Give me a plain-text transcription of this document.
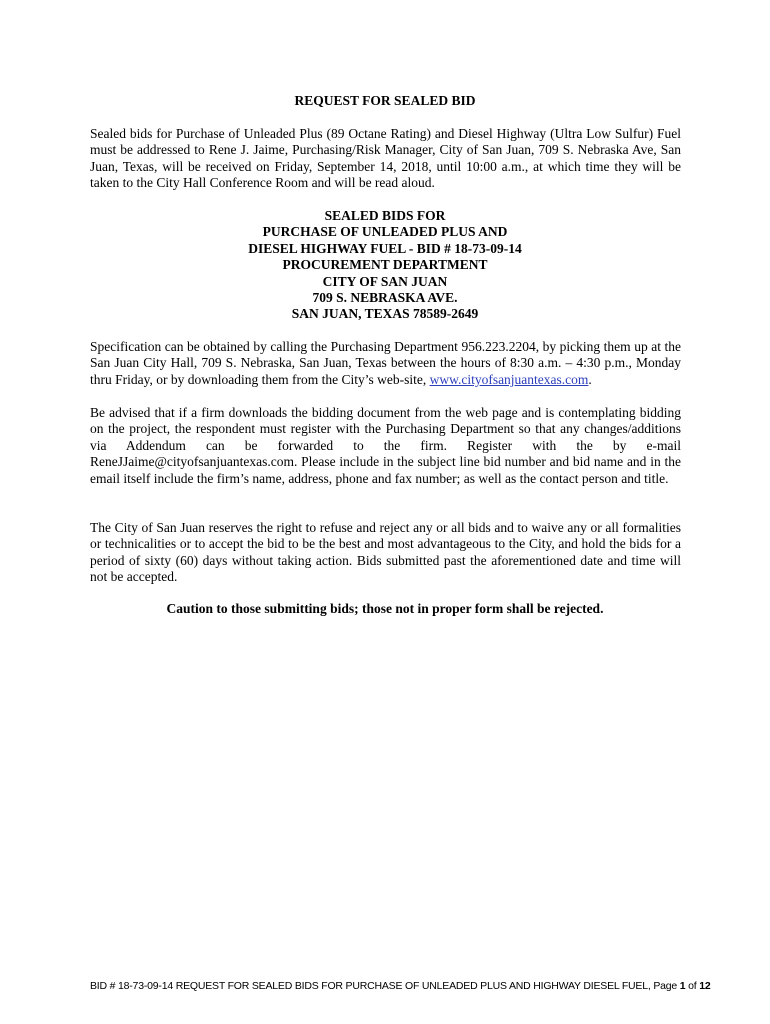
REQUEST FOR SEALED BID
Sealed bids for Purchase of Unleaded Plus (89 Octane Rating) and Diesel Highway (Ultra Low Sulfur) Fuel must be addressed to Rene J. Jaime, Purchasing/Risk Manager, City of San Juan, 709 S. Nebraska Ave, San Juan, Texas, will be received on Friday, September 14, 2018, until 10:00 a.m., at which time they will be taken to the City Hall Conference Room and will be read aloud.
SEALED BIDS FOR
PURCHASE OF UNLEADED PLUS AND
DIESEL HIGHWAY FUEL - BID # 18-73-09-14
PROCUREMENT DEPARTMENT
CITY OF SAN JUAN
709 S. NEBRASKA AVE.
SAN JUAN, TEXAS 78589-2649
Specification can be obtained by calling the Purchasing Department 956.223.2204, by picking them up at the San Juan City Hall, 709 S. Nebraska, San Juan, Texas between the hours of 8:30 a.m. – 4:30 p.m., Monday thru Friday, or by downloading them from the City’s web-site, www.cityofsanjuantexas.com.
Be advised that if a firm downloads the bidding document from the web page and is contemplating bidding on the project, the respondent must register with the Purchasing Department so that any changes/additions via Addendum can be forwarded to the firm. Register with the by e-mail ReneJJaime@cityofsanjuantexas.com. Please include in the subject line bid number and bid name and in the email itself include the firm’s name, address, phone and fax number; as well as the contact person and title.
The City of San Juan reserves the right to refuse and reject any or all bids and to waive any or all formalities or technicalities or to accept the bid to be the best and most advantageous to the City, and hold the bids for a period of sixty (60) days without taking action. Bids submitted past the aforementioned date and time will not be accepted.
Caution to those submitting bids; those not in proper form shall be rejected.
BID # 18-73-09-14 REQUEST FOR SEALED BIDS FOR PURCHASE OF UNLEADED PLUS AND HIGHWAY DIESEL FUEL, Page 1 of 12
